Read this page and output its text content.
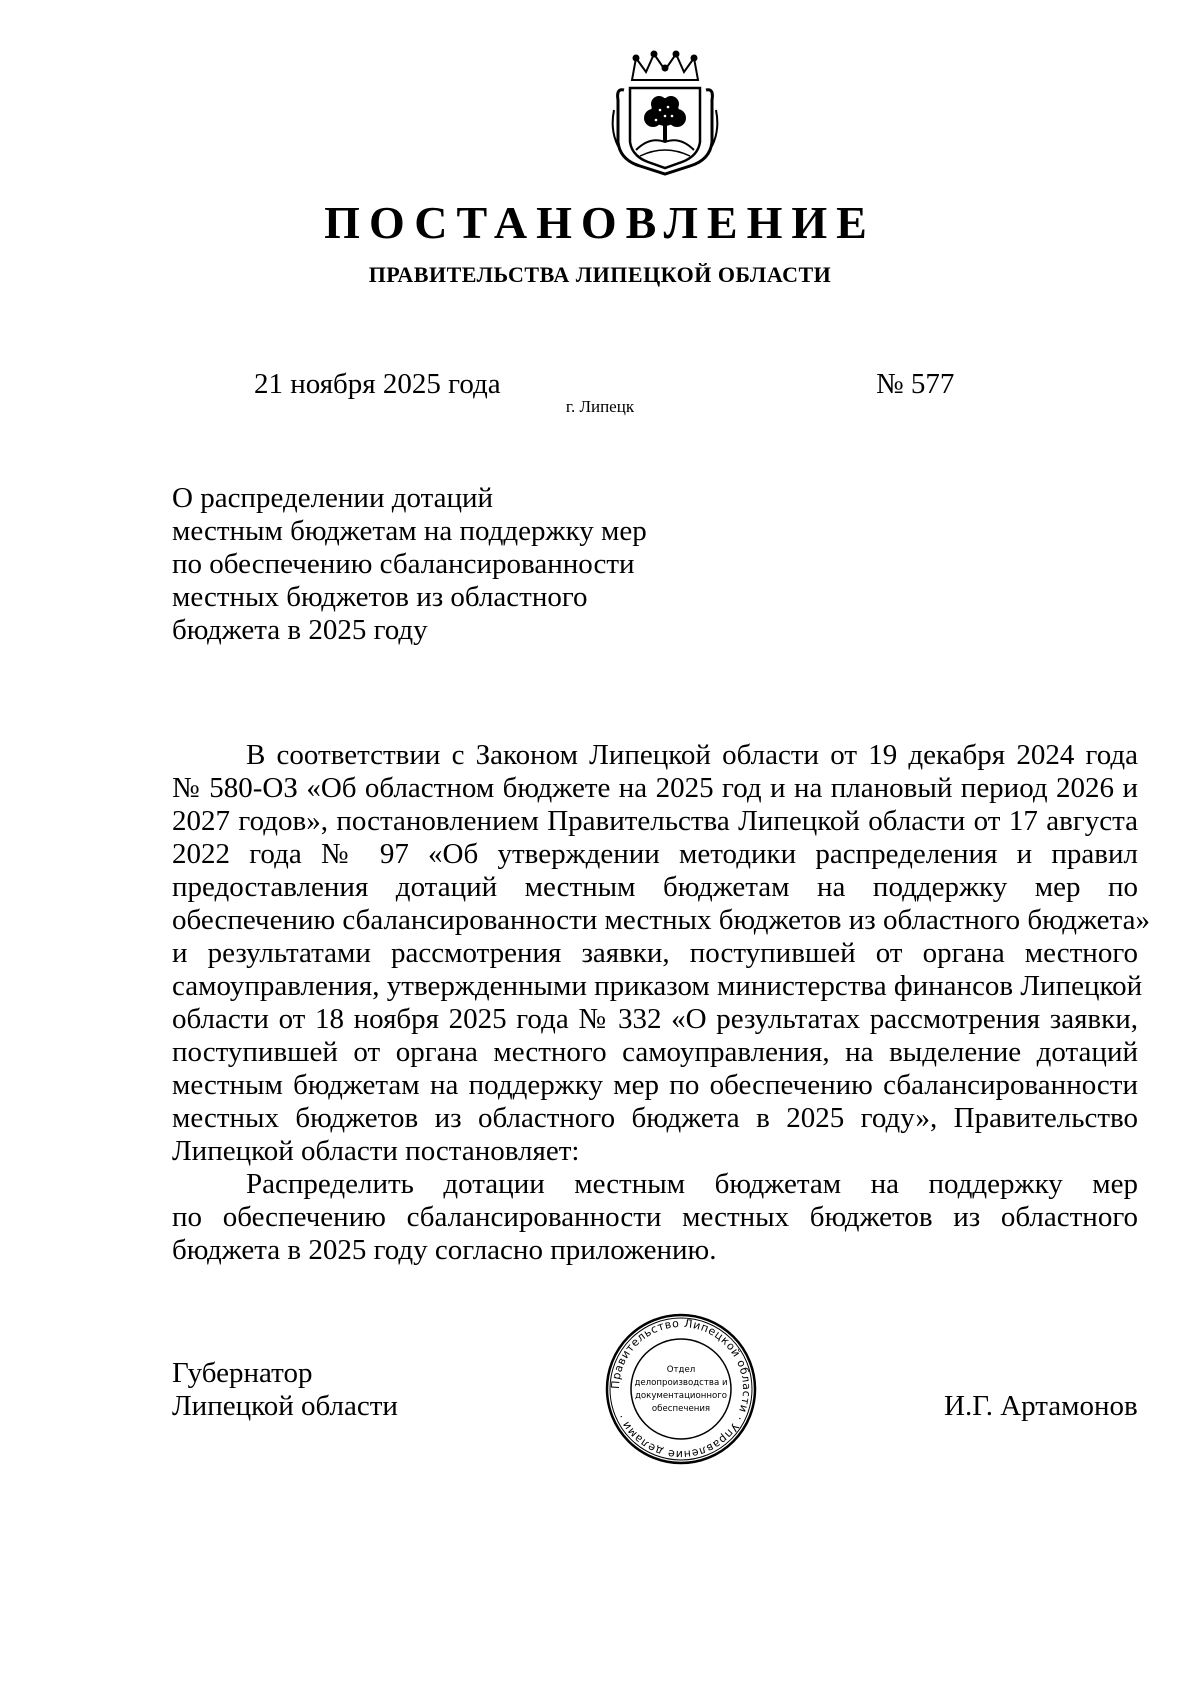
ПОСТАНОВЛЕНИЕ
ПРАВИТЕЛЬСТВА ЛИПЕЦКОЙ ОБЛАСТИ
21 ноября 2025 года
г. Липецк
№ 577
О распределении дотаций
местным бюджетам на поддержку мер
по обеспечению сбалансированности
местных бюджетов из областного
бюджета в 2025 году

В соответствии с Законом Липецкой области от 19 декабря 2024 года
№ 580-ОЗ «Об областном бюджете на 2025 год и на плановый период 2026 и
2027 годов», постановлением Правительства Липецкой области от 17 августа
2022 года № 97 «Об утверждении методики распределения и правил
предоставления дотаций местным бюджетам на поддержку мер по
обеспечению сбалансированности местных бюджетов из областного бюджета»
и результатами рассмотрения заявки, поступившей от органа местного
самоуправления, утвержденными приказом министерства финансов Липецкой
области от 18 ноября 2025 года № 332 «О результатах рассмотрения заявки,
поступившей от органа местного самоуправления, на выделение дотаций
местным бюджетам на поддержку мер по обеспечению сбалансированности
местных бюджетов из областного бюджета в 2025 году», Правительство
Липецкой области постановляет:

Распределить дотации местным бюджетам на поддержку мер
по обеспечению сбалансированности местных бюджетов из областного
бюджета в 2025 году согласно приложению.

Губернатор
Липецкой области
Правительство Липецкой области · Управление делами ·
Отдел
делопроизводства и
документационного
обеспечения	И.Г. Артамонов
